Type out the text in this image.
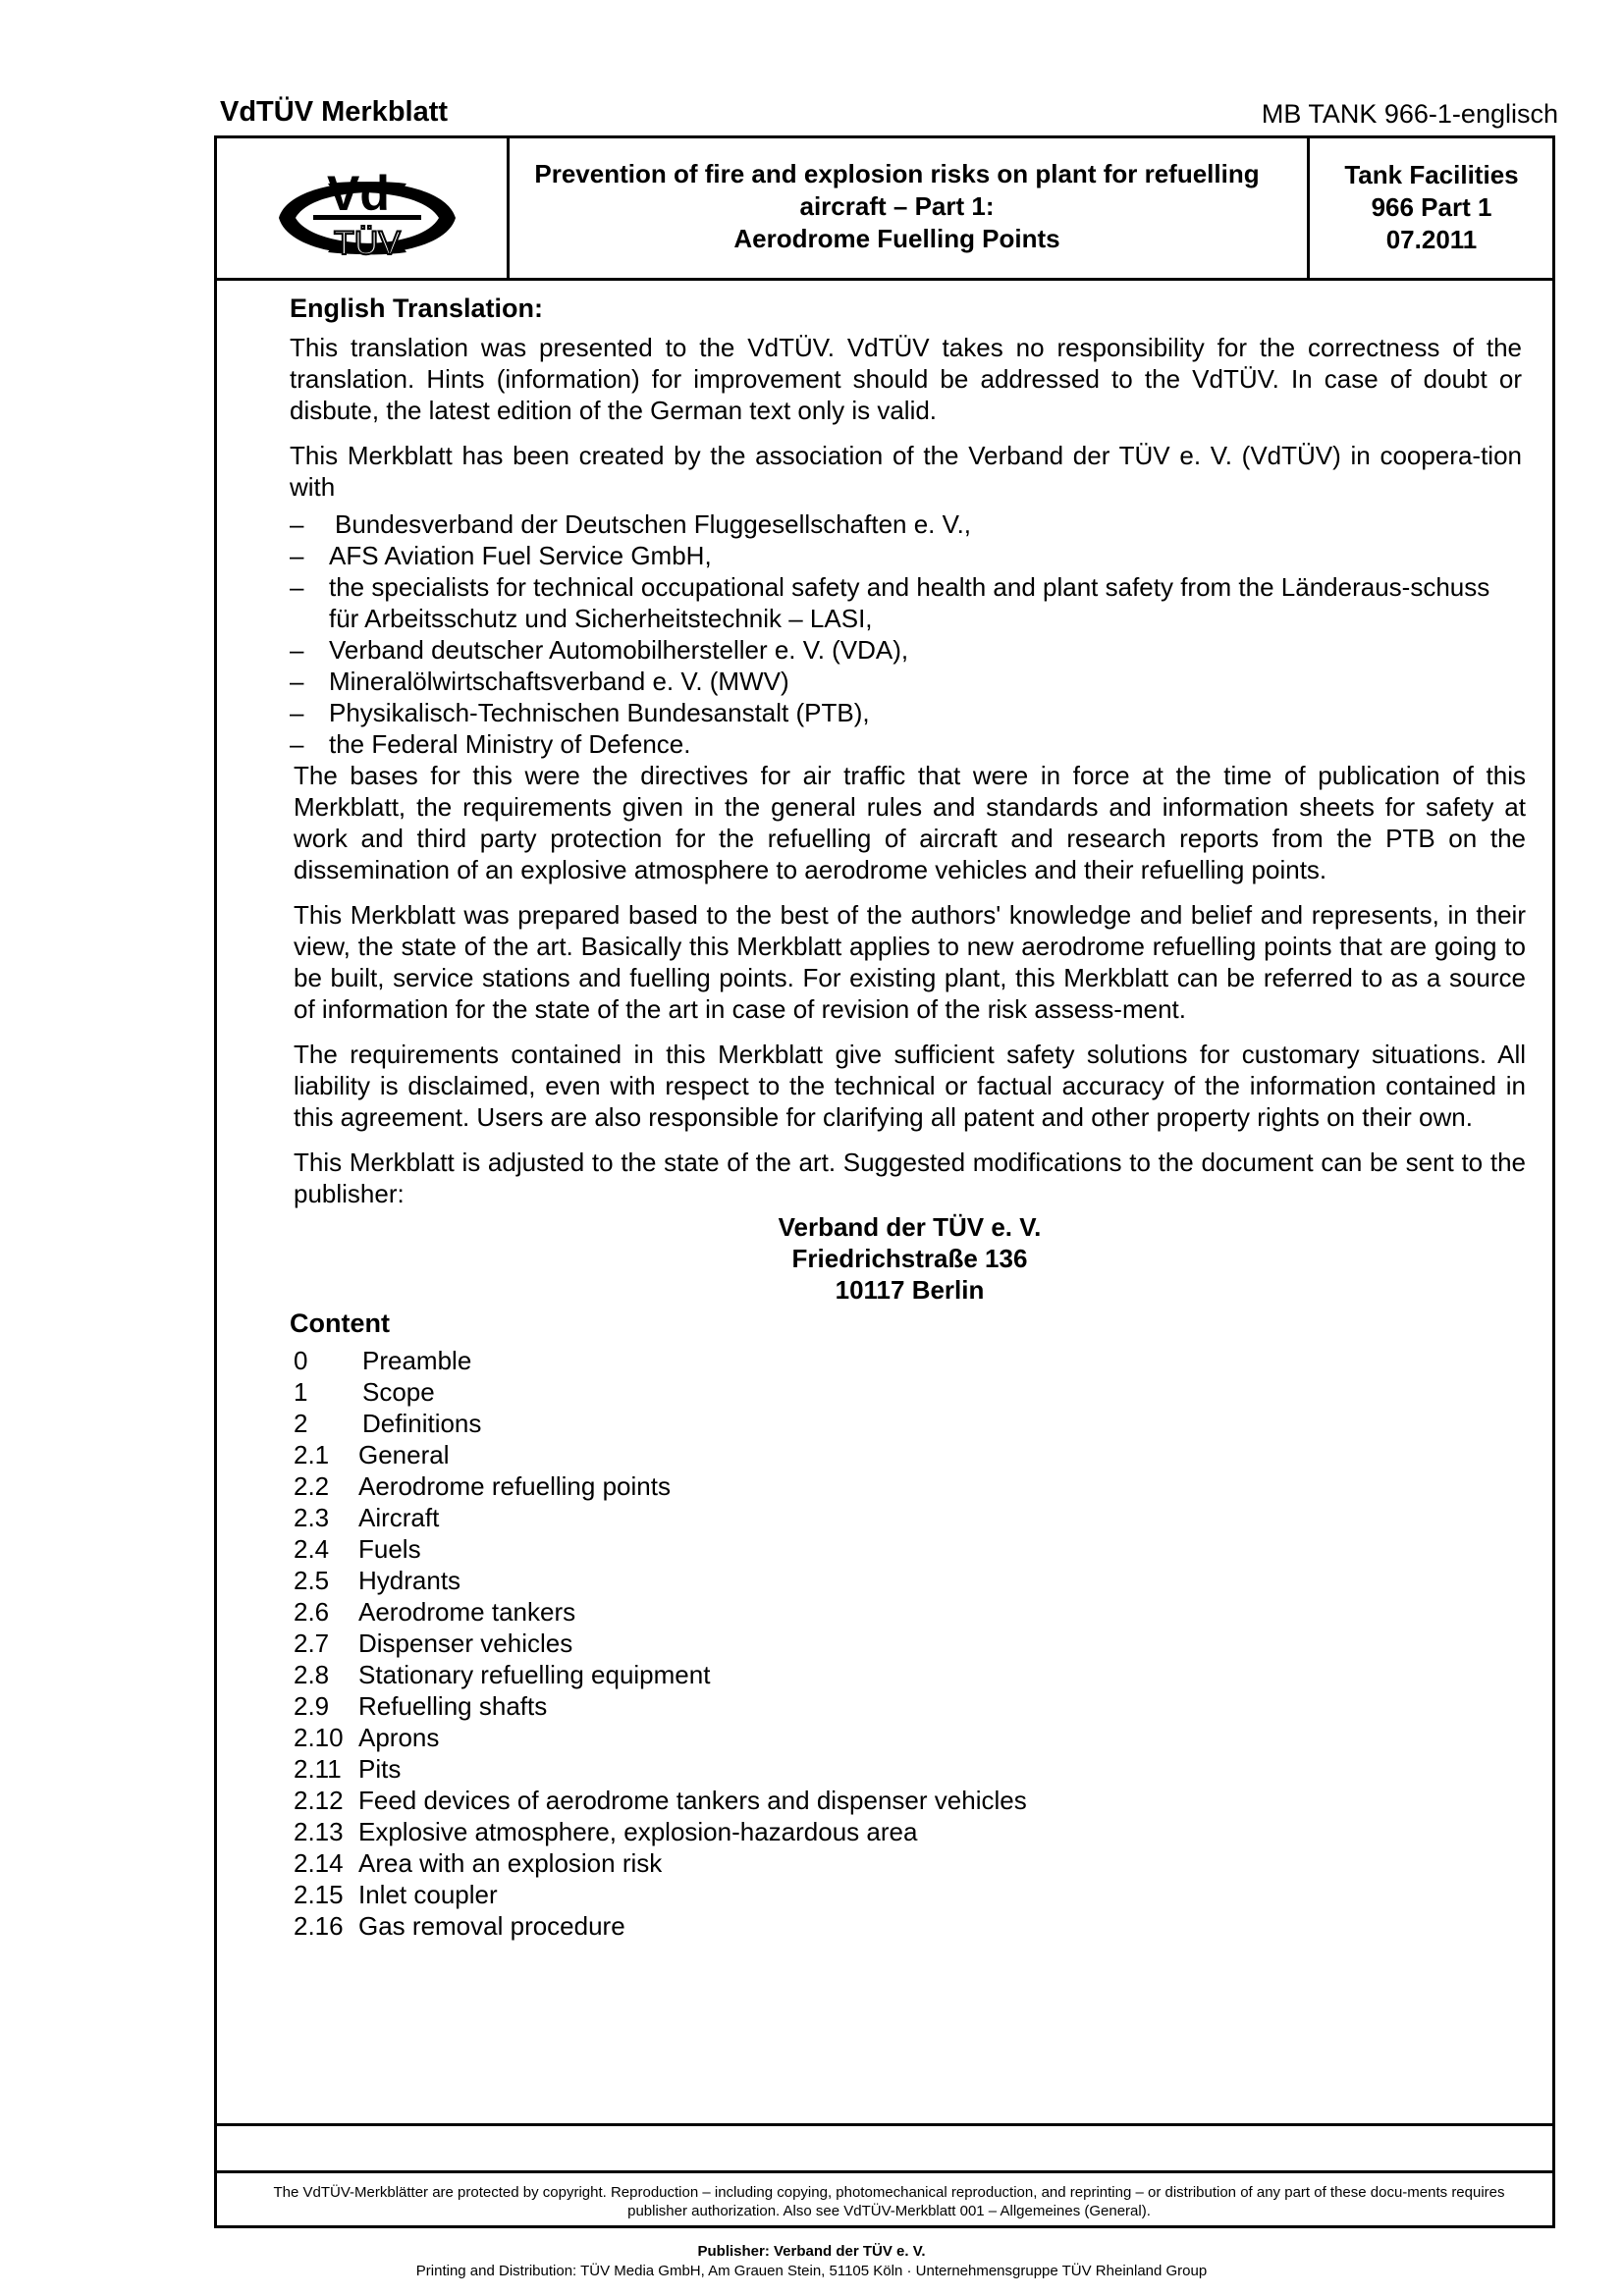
VdTÜV Merkblatt	MB TANK 966-1-englisch
Vd
TÜV
Prevention of fire and explosion risks on plant for refuelling
aircraft – Part 1:
Aerodrome Fuelling Points
Tank Facilities
966 Part 1
07.2011
English Translation:

This translation was presented to the VdTÜV. VdTÜV takes no responsibility for the correctness of the translation. Hints (information) for improvement should be addressed to the VdTÜV. In case of doubt or disbute, the latest edition of the German text only is valid.

This Merkblatt has been created by the association of the Verband der TÜV e. V. (VdTÜV) in coopera-tion with

– Bundesverband der Deutschen Fluggesellschaften e. V.,
– AFS Aviation Fuel Service GmbH,
– the specialists for technical occupational safety and health and plant safety from the Länderaus-schuss für Arbeitsschutz und Sicherheitstechnik – LASI,
– Verband deutscher Automobilhersteller e. V. (VDA),
– Mineralölwirtschaftsverband e. V. (MWV)
– Physikalisch-Technischen Bundesanstalt (PTB),
– the Federal Ministry of Defence.

The bases for this were the directives for air traffic that were in force at the time of publication of this Merkblatt, the requirements given in the general rules and standards and information sheets for safety at work and third party protection for the refuelling of aircraft and research reports from the PTB on the dissemination of an explosive atmosphere to aerodrome vehicles and their refuelling points.

This Merkblatt was prepared based to the best of the authors' knowledge and belief and represents, in their view, the state of the art. Basically this Merkblatt applies to new aerodrome refuelling points that are going to be built, service stations and fuelling points. For existing plant, this Merkblatt can be referred to as a source of information for the state of the art in case of revision of the risk assess-ment.

The requirements contained in this Merkblatt give sufficient safety solutions for customary situations. All liability is disclaimed, even with respect to the technical or factual accuracy of the information contained in this agreement. Users are also responsible for clarifying all patent and other property rights on their own.

This Merkblatt is adjusted to the state of the art. Suggested modifications to the document can be sent to the publisher:

Verband der TÜV e. V.
Friedrichstraße 136
10117 Berlin
Content
0	Preamble
1	Scope
2	Definitions
2.1	General
2.2	Aerodrome refuelling points
2.3	Aircraft
2.4	Fuels
2.5	Hydrants
2.6	Aerodrome tankers
2.7	Dispenser vehicles
2.8	Stationary refuelling equipment
2.9	Refuelling shafts
2.10 Aprons
2.11 Pits
2.12 Feed devices of aerodrome tankers and dispenser vehicles
2.13 Explosive atmosphere, explosion-hazardous area
2.14 Area with an explosion risk
2.15 Inlet coupler
2.16 Gas removal procedure
The VdTÜV-Merkblätter are protected by copyright. Reproduction – including copying, photomechanical reproduction, and reprinting – or distribution of any part of these docu-ments requires publisher authorization. Also see VdTÜV-Merkblatt 001 – Allgemeines (General).
Publisher: Verband der TÜV e. V.
Printing and Distribution: TÜV Media GmbH, Am Grauen Stein, 51105 Köln · Unternehmensgruppe TÜV Rheinland Group
